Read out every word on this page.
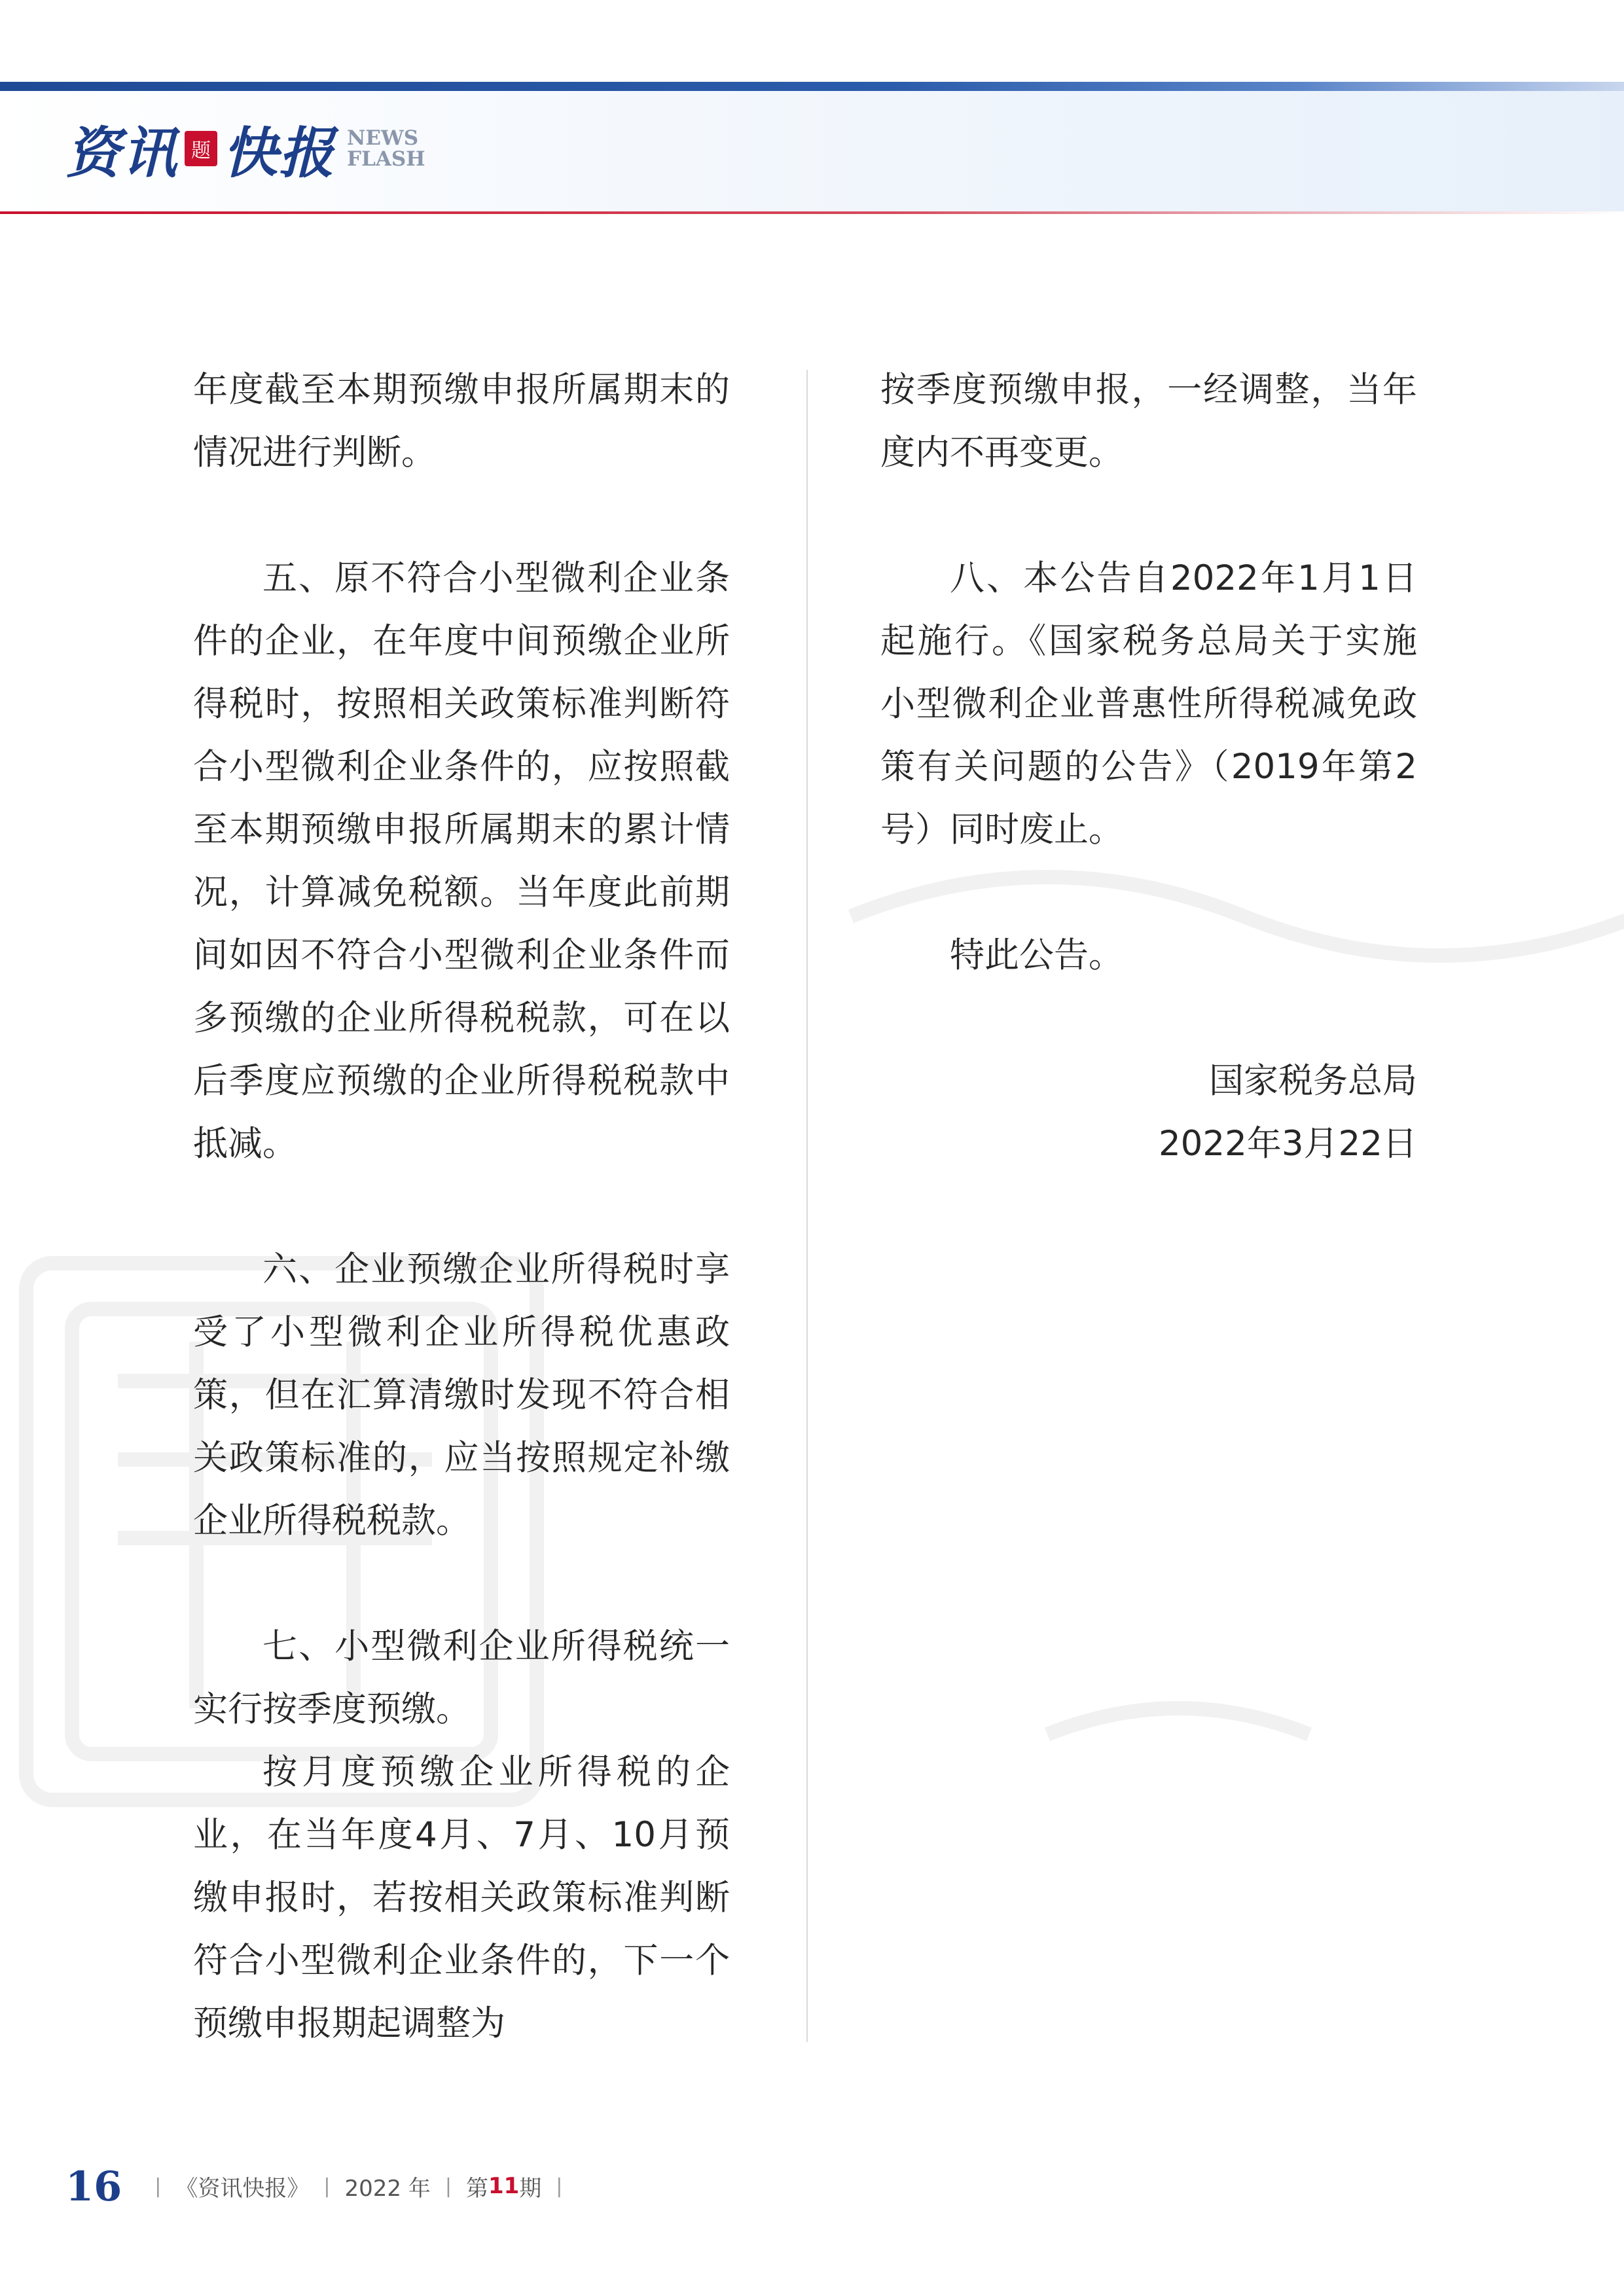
资讯 题 快报 NEWS
FLASH

年度截至本期预缴申报所属期末的情况进行判断。

五、原不符合小型微利企业条件的企业，在年度中间预缴企业所得税时，按照相关政策标准判断符合小型微利企业条件的，应按照截至本期预缴申报所属期末的累计情况，计算减免税额。当年度此前期间如因不符合小型微利企业条件而多预缴的企业所得税税款，可在以后季度应预缴的企业所得税税款中抵减。

六、企业预缴企业所得税时享受了小型微利企业所得税优惠政策，但在汇算清缴时发现不符合相关政策标准的，应当按照规定补缴企业所得税税款。

七、小型微利企业所得税统一实行按季度预缴。

按月度预缴企业所得税的企业，在当年度4月、7月、10月预缴申报时，若按相关政策标准判断符合小型微利企业条件的，下一个预缴申报期起调整为

按季度预缴申报，一经调整，当年度内不再变更。

八、本公告自2022年1月1日起施行。《国家税务总局关于实施小型微利企业普惠性所得税减免政策有关问题的公告》（2019年第2号）同时废止。

特此公告。

国家税务总局

2022年3月22日

16 | 《资讯快报》 | 2022 年 | 第 11 期 |
